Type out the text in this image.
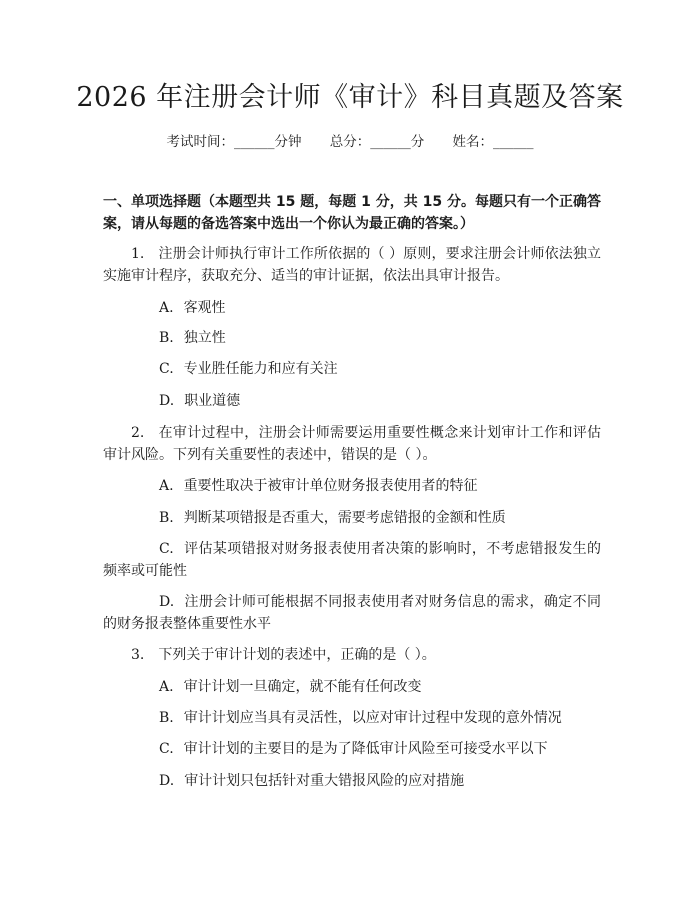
2026 年注册会计师《审计》科目真题及答案
考试时间：______分钟 总分：______分 姓名：______
一、单项选择题（本题型共 15 题，每题 1 分，共 15 分。每题只有一个正确答案，请从每题的备选答案中选出一个你认为最正确的答案。）
1. 注册会计师执行审计工作所依据的（ ）原则，要求注册会计师依法独立实施审计程序，获取充分、适当的审计证据，依法出具审计报告。
A. 客观性
B. 独立性
C. 专业胜任能力和应有关注
D. 职业道德
2. 在审计过程中，注册会计师需要运用重要性概念来计划审计工作和评估审计风险。下列有关重要性的表述中，错误的是（ ）。
A. 重要性取决于被审计单位财务报表使用者的特征
B. 判断某项错报是否重大，需要考虑错报的金额和性质
C. 评估某项错报对财务报表使用者决策的影响时，不考虑错报发生的频率或可能性
D. 注册会计师可能根据不同报表使用者对财务信息的需求，确定不同的财务报表整体重要性水平
3. 下列关于审计计划的表述中，正确的是（ ）。
A. 审计计划一旦确定，就不能有任何改变
B. 审计计划应当具有灵活性，以应对审计过程中发现的意外情况
C. 审计计划的主要目的是为了降低审计风险至可接受水平以下
D. 审计计划只包括针对重大错报风险的应对措施
